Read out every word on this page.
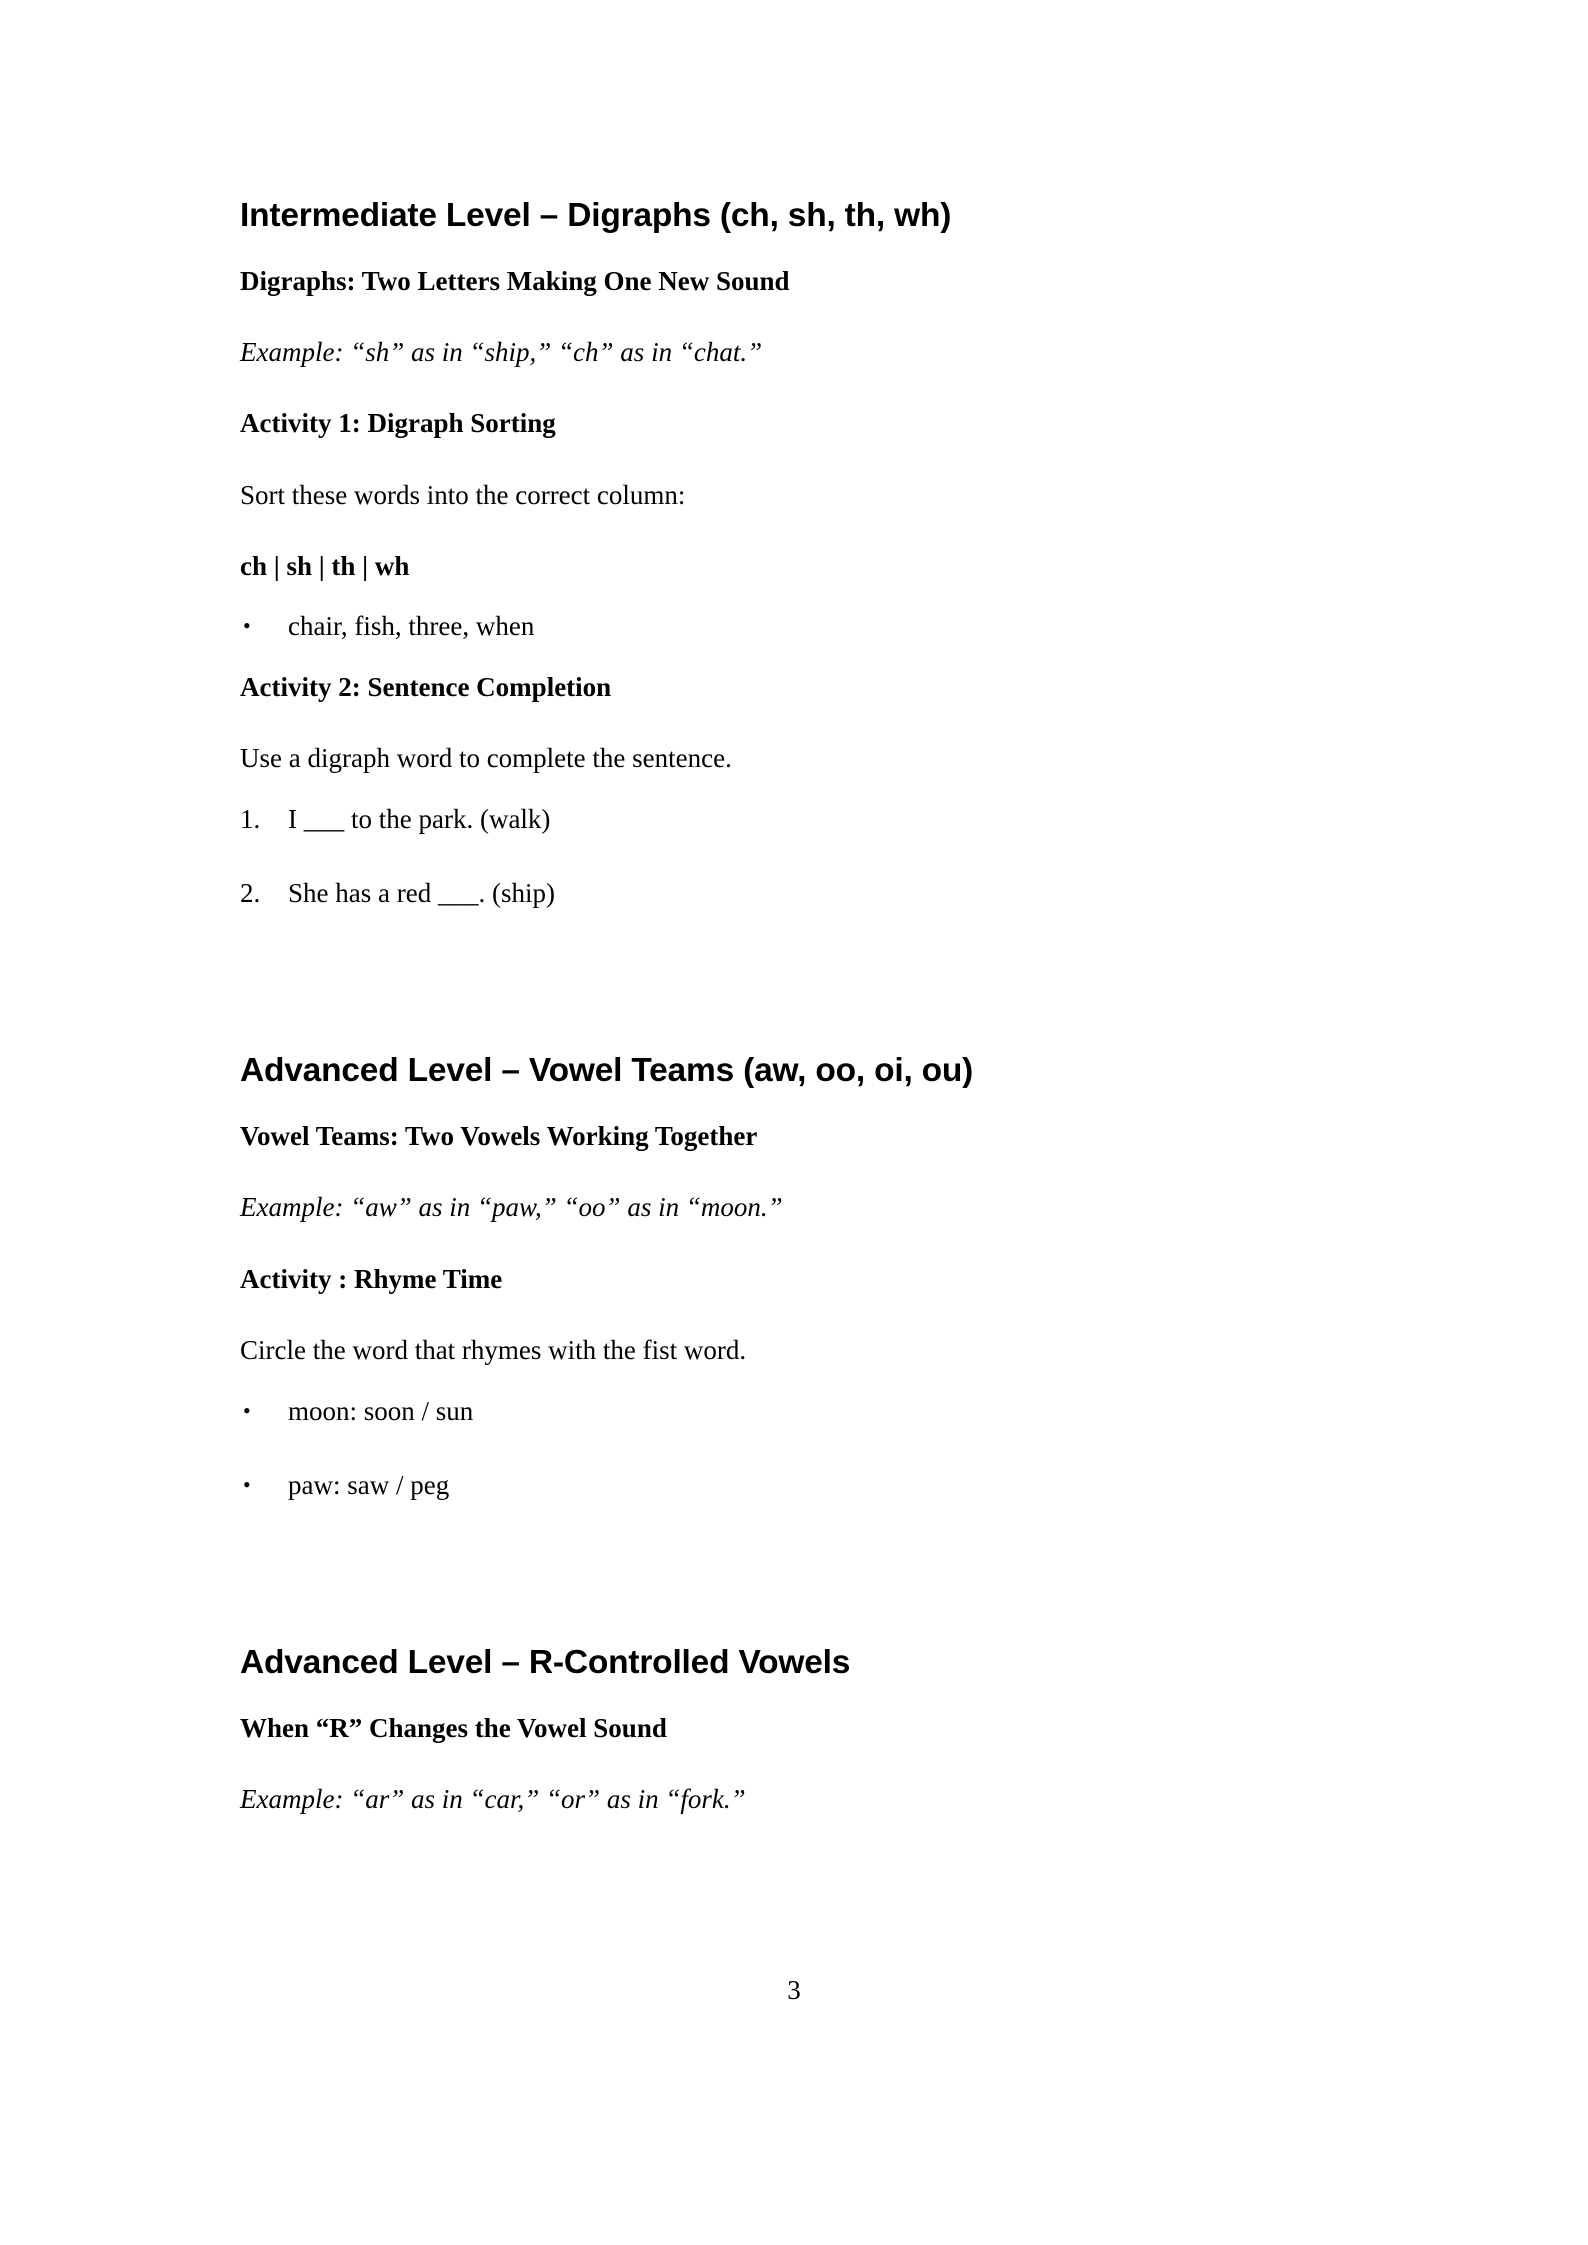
Intermediate Level – Digraphs (ch, sh, th, wh)

Digraphs: Two Letters Making One New Sound

Example: “sh” as in “ship,” “ch” as in “chat.”

Activity 1: Digraph Sorting

Sort these words into the correct column:

ch | sh | th | wh

• chair, fish, three, when

Activity 2: Sentence Completion

Use a digraph word to complete the sentence.

1. I ___ to the park. (walk)
2. She has a red ___. (ship)
Advanced Level – Vowel Teams (aw, oo, oi, ou)

Vowel Teams: Two Vowels Working Together

Example: “aw” as in “paw,” “oo” as in “moon.”

Activity : Rhyme Time

Circle the word that rhymes with the fist word.

• moon: soon / sun
• paw: saw / peg
Advanced Level – R-Controlled Vowels

When “R” Changes the Vowel Sound

Example: “ar” as in “car,” “or” as in “fork.”

3
